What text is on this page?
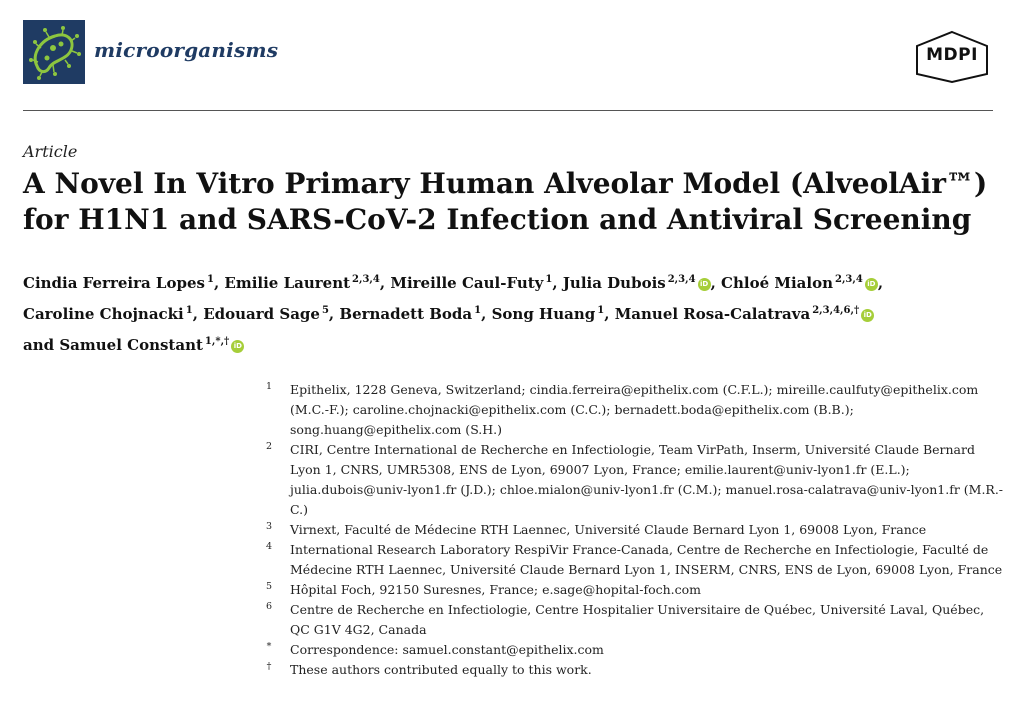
microorganisms	MDPI
Article
A Novel In Vitro Primary Human Alveolar Model (AlveolAir™) for H1N1 and SARS-CoV-2 Infection and Antiviral Screening
Cindia Ferreira Lopes $^1$, Emilie Laurent $^{2,3,4}$, Mireille Caul-Futy $^1$, Julia Dubois $^{2,3,4}$ iD , Chloé Mialon $^{2,3,4}$ iD ,
Caroline Chojnacki $^1$, Edouard Sage $^5$, Bernadett Boda $^1$, Song Huang $^1$, Manuel Rosa-Calatrava $^{2,3,4,6,\dagger}$ iD
and Samuel Constant $^{1,*,\dagger}$ iD
1	Epithelix, 1228 Geneva, Switzerland; cindia.ferreira@epithelix.com (C.F.L.); mireille.caulfuty@epithelix.com (M.C.-F.); caroline.chojnacki@epithelix.com (C.C.); bernadett.boda@epithelix.com (B.B.); song.huang@epithelix.com (S.H.)
2	CIRI, Centre International de Recherche en Infectiologie, Team VirPath, Inserm, Université Claude Bernard Lyon 1, CNRS, UMR5308, ENS de Lyon, 69007 Lyon, France; emilie.laurent@univ-lyon1.fr (E.L.); julia.dubois@univ-lyon1.fr (J.D.); chloe.mialon@univ-lyon1.fr (C.M.); manuel.rosa-calatrava@univ-lyon1.fr (M.R.-C.)
3	Virnext, Faculté de Médecine RTH Laennec, Université Claude Bernard Lyon 1, 69008 Lyon, France
4	International Research Laboratory RespiVir France-Canada, Centre de Recherche en Infectiologie, Faculté de Médecine RTH Laennec, Université Claude Bernard Lyon 1, INSERM, CNRS, ENS de Lyon, 69008 Lyon, France
5	Hôpital Foch, 92150 Suresnes, France; e.sage@hopital-foch.com
6	Centre de Recherche en Infectiologie, Centre Hospitalier Universitaire de Québec, Université Laval, Québec, QC G1V 4G2, Canada
*	Correspondence: samuel.constant@epithelix.com
†	These authors contributed equally to this work.
